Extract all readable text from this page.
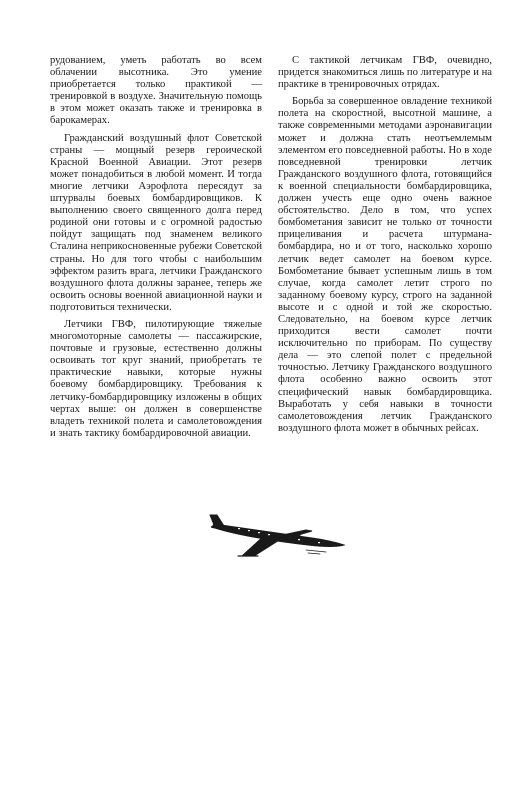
рудованием, уметь работать во всем облачении высотника. Это умение приобретается только практикой — тренировкой в воздухе. Значительную помощь в этом может оказать также и тренировка в барокамерах.

Гражданский воздушный флот Советской страны — мощный резерв героической Красной Военной Авиации. Этот резерв может понадобиться в любой момент. И тогда многие летчики Аэрофлота пересядут за штурвалы боевых бомбардировщиков. К выполнению своего священного долга перед родиной они готовы и с огромной радостью пойдут защищать под знаменем великого Сталина неприкосновенные рубежи Советской страны. Но для того чтобы с наибольшим эффектом разить врага, летчики Гражданского воздушного флота должны заранее, теперь же освоить основы военной авиационной науки и подготовиться технически.

Летчики ГВФ, пилотирующие тяжелые многомоторные самолеты — пассажирские, почтовые и грузовые, естественно должны освоивать тот круг знаний, приобретать те практические навыки, которые нужны боевому бомбардировщику. Требования к летчику-бомбардировщику изложены в общих чертах выше: он должен в совершенстве владеть техникой полета и самолетовождения и знать тактику бомбардировочной авиации.

С тактикой летчикам ГВФ, очевидно, придется знакомиться лишь по литературе и на практике в тренировочных отрядах.

Борьба за совершенное овладение техникой полета на скоростной, высотной машине, а также современными методами аэронавигации может и должна стать неотъемлемым элементом его повседневной работы. Но в ходе повседневной тренировки летчик Гражданского воздушного флота, готовящийся к военной специальности бомбардировщика, должен учесть еще одно очень важное обстоятельство. Дело в том, что успех бомбометания зависит не только от точности прицеливания и расчета штурмана-бомбардира, но и от того, насколько хорошо летчик ведет самолет на боевом курсе. Бомбометание бывает успешным лишь в том случае, когда самолет летит строго по заданному боевому курсу, строго на заданной высоте и с одной и той же скоростью. Следовательно, на боевом курсе летчик приходится вести самолет почти исключительно по приборам. По существу дела — это слепой полет с предельной точностью. Летчику Гражданского воздушного флота особенно важно освоить этот специфический навык бомбардировщика. Выработать у себя навыки в точности самолетовождения летчик Гражданского воздушного флота может в обычных рейсах.
